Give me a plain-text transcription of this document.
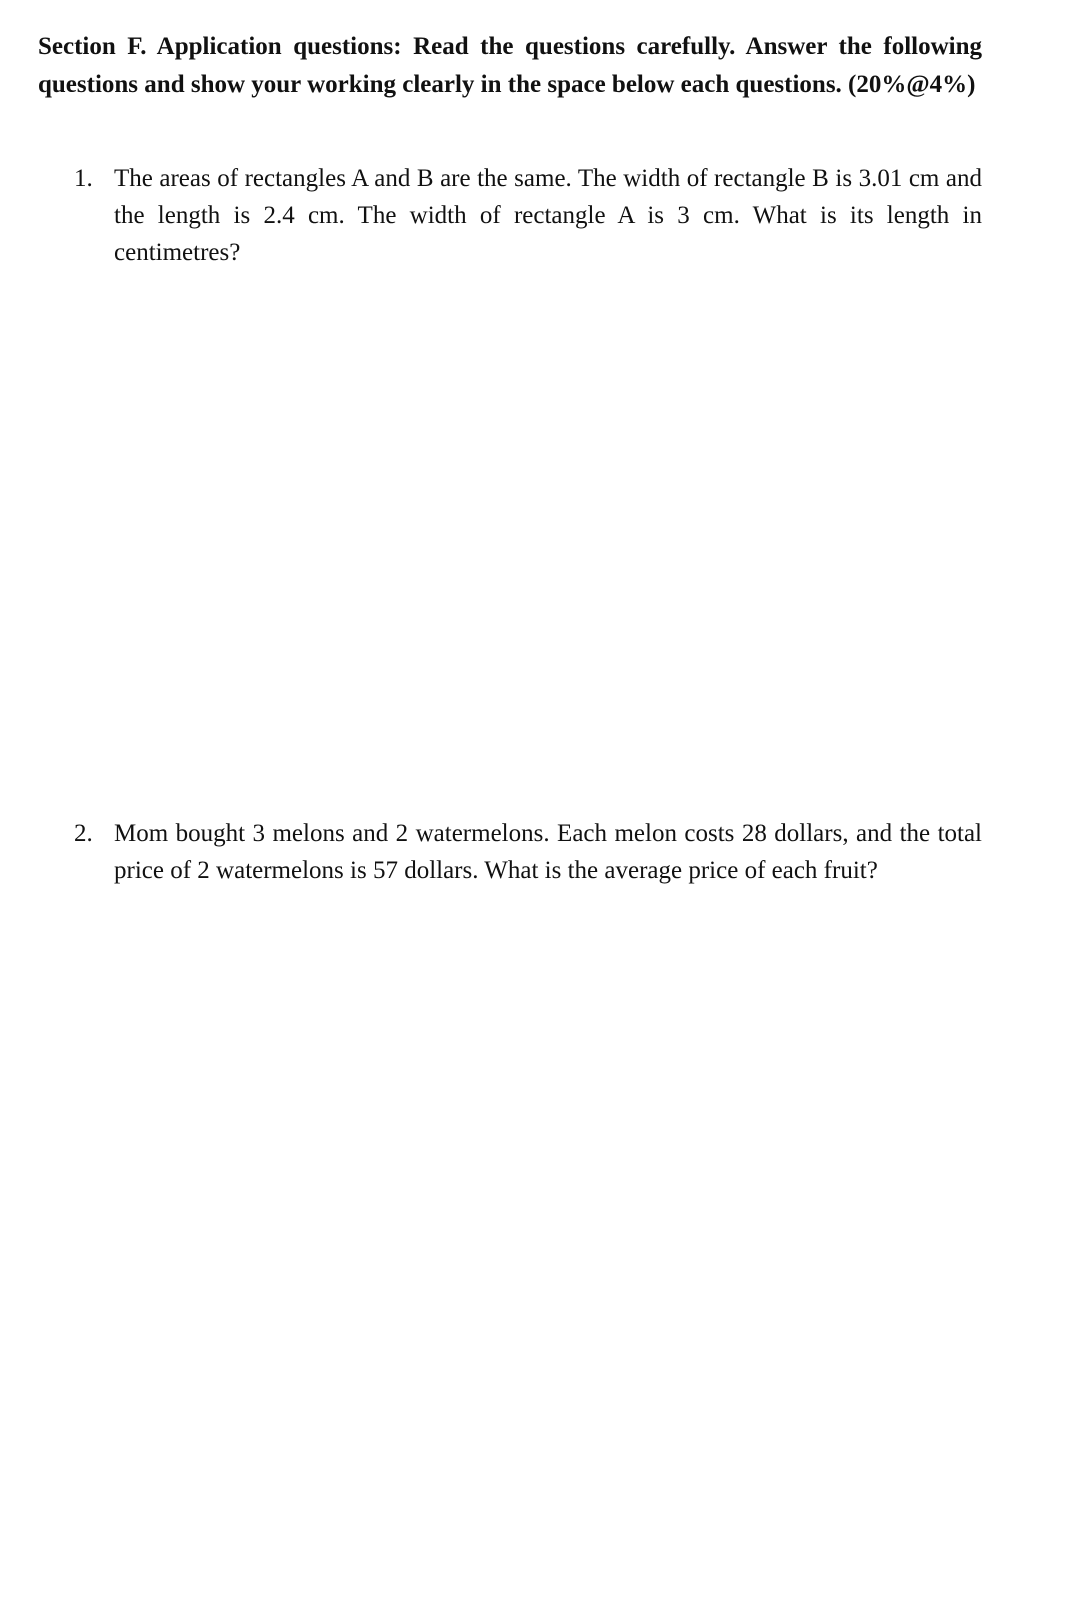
Section F. Application questions: Read the questions carefully. Answer the following questions and show your working clearly in the space below each questions. (20%@4%)

1. The areas of rectangles A and B are the same. The width of rectangle B is 3.01 cm and the length is 2.4 cm. The width of rectangle A is 3 cm. What is its length in centimetres?
2. Mom bought 3 melons and 2 watermelons. Each melon costs 28 dollars, and the total price of 2 watermelons is 57 dollars. What is the average price of each fruit?
